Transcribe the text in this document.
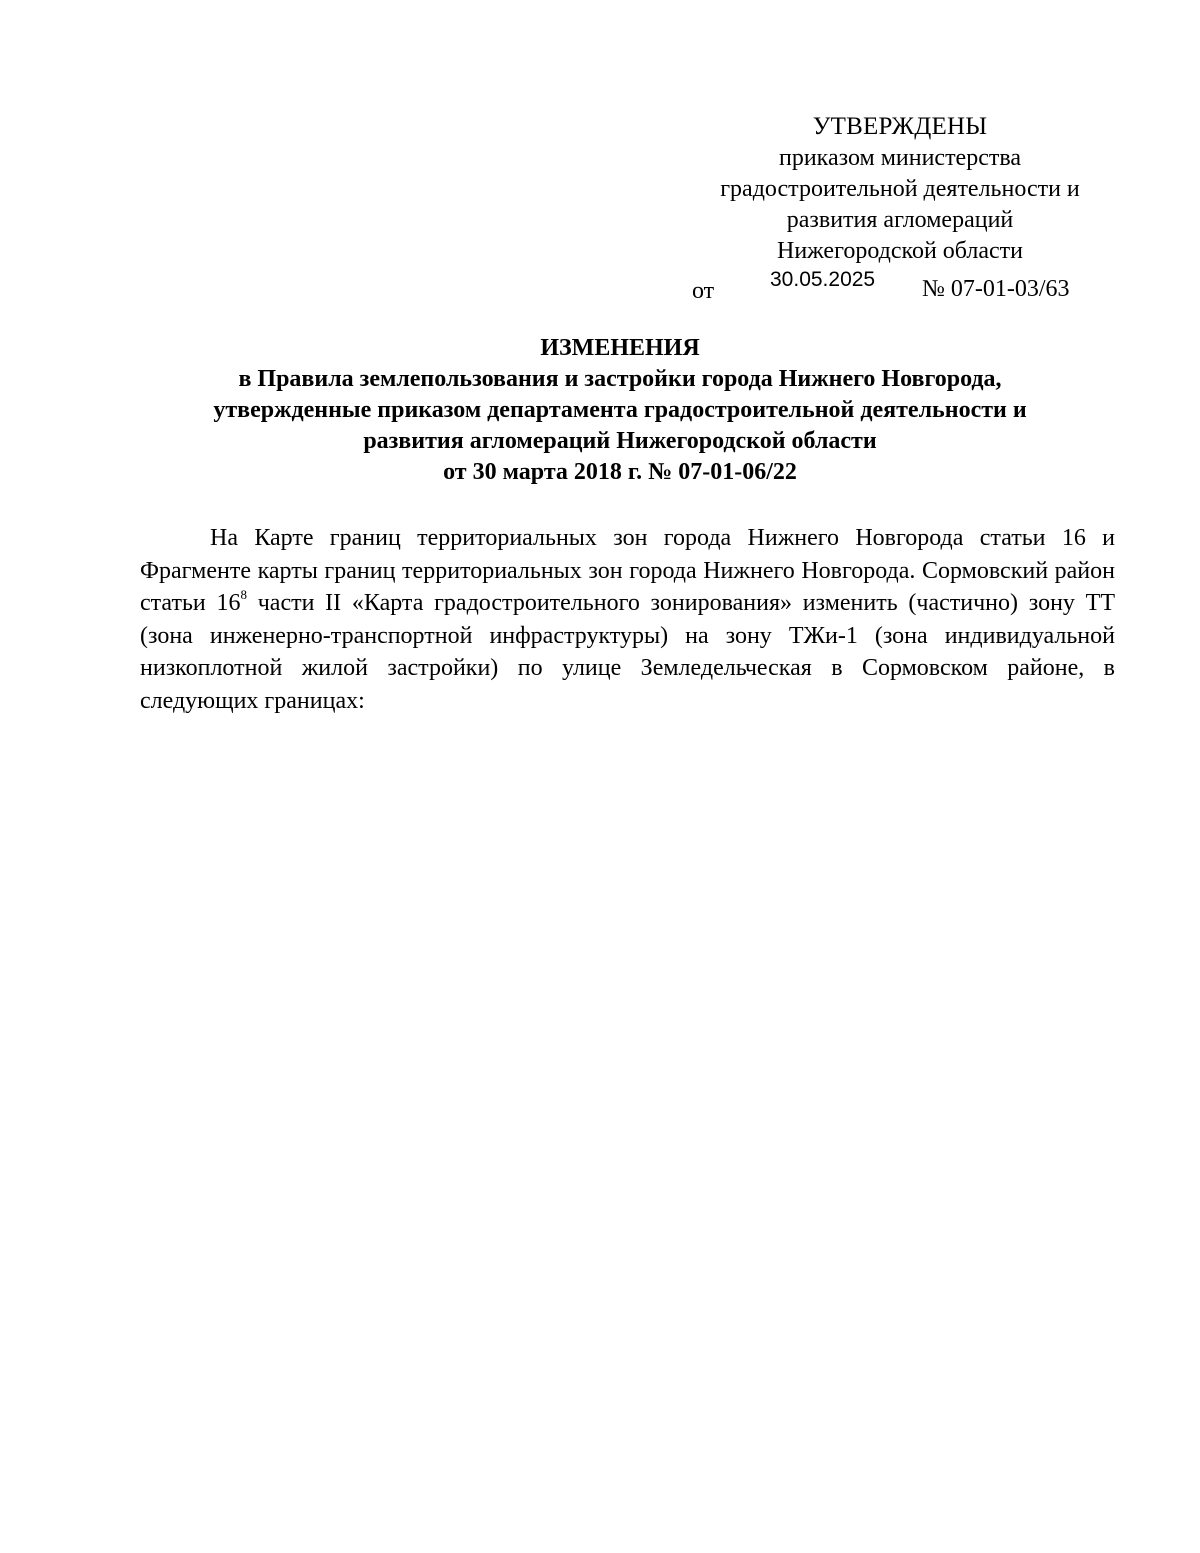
УТВЕРЖДЕНЫ
приказом министерства
градостроительной деятельности и
развития агломераций
Нижегородской области
от	30.05.2025 № 07-01-03/63
ИЗМЕНЕНИЯ
в Правила землепользования и застройки города Нижнего Новгорода,
утвержденные приказом департамента градостроительной деятельности и
развития агломераций Нижегородской области
от 30 марта 2018 г. № 07-01-06/22

На Карте границ территориальных зон города Нижнего Новгорода статьи 16 и Фрагменте карты границ территориальных зон города Нижнего Новгорода. Сормовский район статьи $16^8$ части II «Карта градостроительного зонирования» изменить (частично) зону ТТ (зона инженерно-транспортной инфраструктуры) на зону ТЖи-1 (зона индивидуальной низкоплотной жилой застройки) по улице Земледельческая в Сормовском районе, в следующих границах:
